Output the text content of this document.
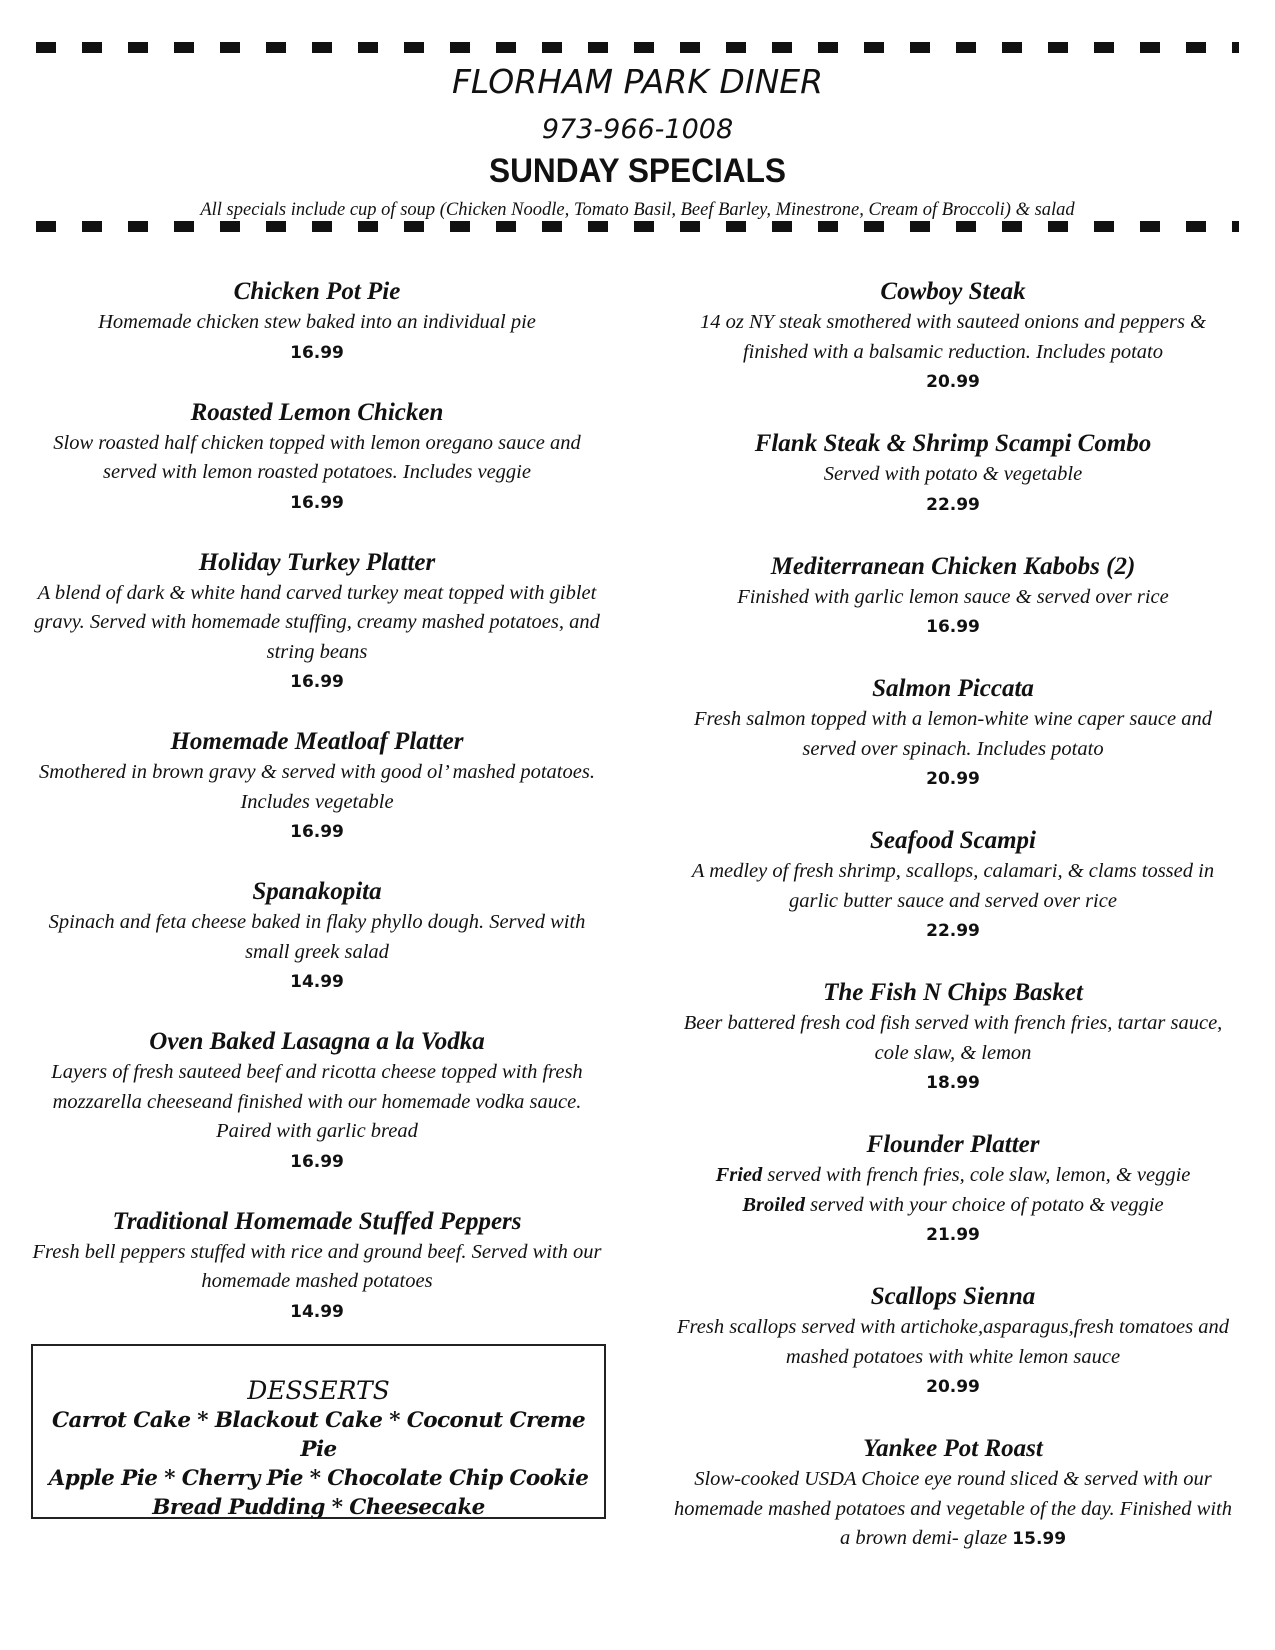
FLORHAM PARK DINER
973-966-1008
SUNDAY SPECIALS
All specials include cup of soup (Chicken Noodle, Tomato Basil, Beef Barley, Minestrone, Cream of Broccoli) & salad
Chicken Pot Pie
Homemade chicken stew baked into an individual pie
16.99
Roasted Lemon Chicken
Slow roasted half chicken topped with lemon oregano sauce and served with lemon roasted potatoes. Includes veggie
16.99
Holiday Turkey Platter
A blend of dark & white hand carved turkey meat topped with giblet gravy. Served with homemade stuffing, creamy mashed potatoes, and string beans
16.99
Homemade Meatloaf Platter
Smothered in brown gravy & served with good ol’ mashed potatoes. Includes vegetable
16.99
Spanakopita
Spinach and feta cheese baked in flaky phyllo dough. Served with small greek salad
14.99
Oven Baked Lasagna a la Vodka
Layers of fresh sauteed beef and ricotta cheese topped with fresh mozzarella cheeseand finished with our homemade vodka sauce. Paired with garlic bread
16.99
Traditional Homemade Stuffed Peppers
Fresh bell peppers stuffed with rice and ground beef. Served with our homemade mashed potatoes
14.99
Cowboy Steak
14 oz NY steak smothered with sauteed onions and peppers & finished with a balsamic reduction. Includes potato
20.99
Flank Steak & Shrimp Scampi Combo
Served with potato & vegetable
22.99
Mediterranean Chicken Kabobs (2)
Finished with garlic lemon sauce & served over rice
16.99
Salmon Piccata
Fresh salmon topped with a lemon-white wine caper sauce and served over spinach. Includes potato
20.99
Seafood Scampi
A medley of fresh shrimp, scallops, calamari, & clams tossed in garlic butter sauce and served over rice
22.99
The Fish N Chips Basket
Beer battered fresh cod fish served with french fries, tartar sauce, cole slaw, & lemon
18.99
Flounder Platter
Fried served with french fries, cole slaw, lemon, & veggie
Broiled served with your choice of potato & veggie
21.99
Scallops Sienna
Fresh scallops served with artichoke,asparagus,fresh tomatoes and mashed potatoes with white lemon sauce
20.99
Yankee Pot Roast
Slow-cooked USDA Choice eye round sliced & served with our homemade mashed potatoes and vegetable of the day. Finished with a brown demi- glaze 15.99
DESSERTS
Carrot Cake * Blackout Cake * Coconut Creme Pie
Apple Pie * Cherry Pie * Chocolate Chip Cookie
Bread Pudding * Cheesecake
